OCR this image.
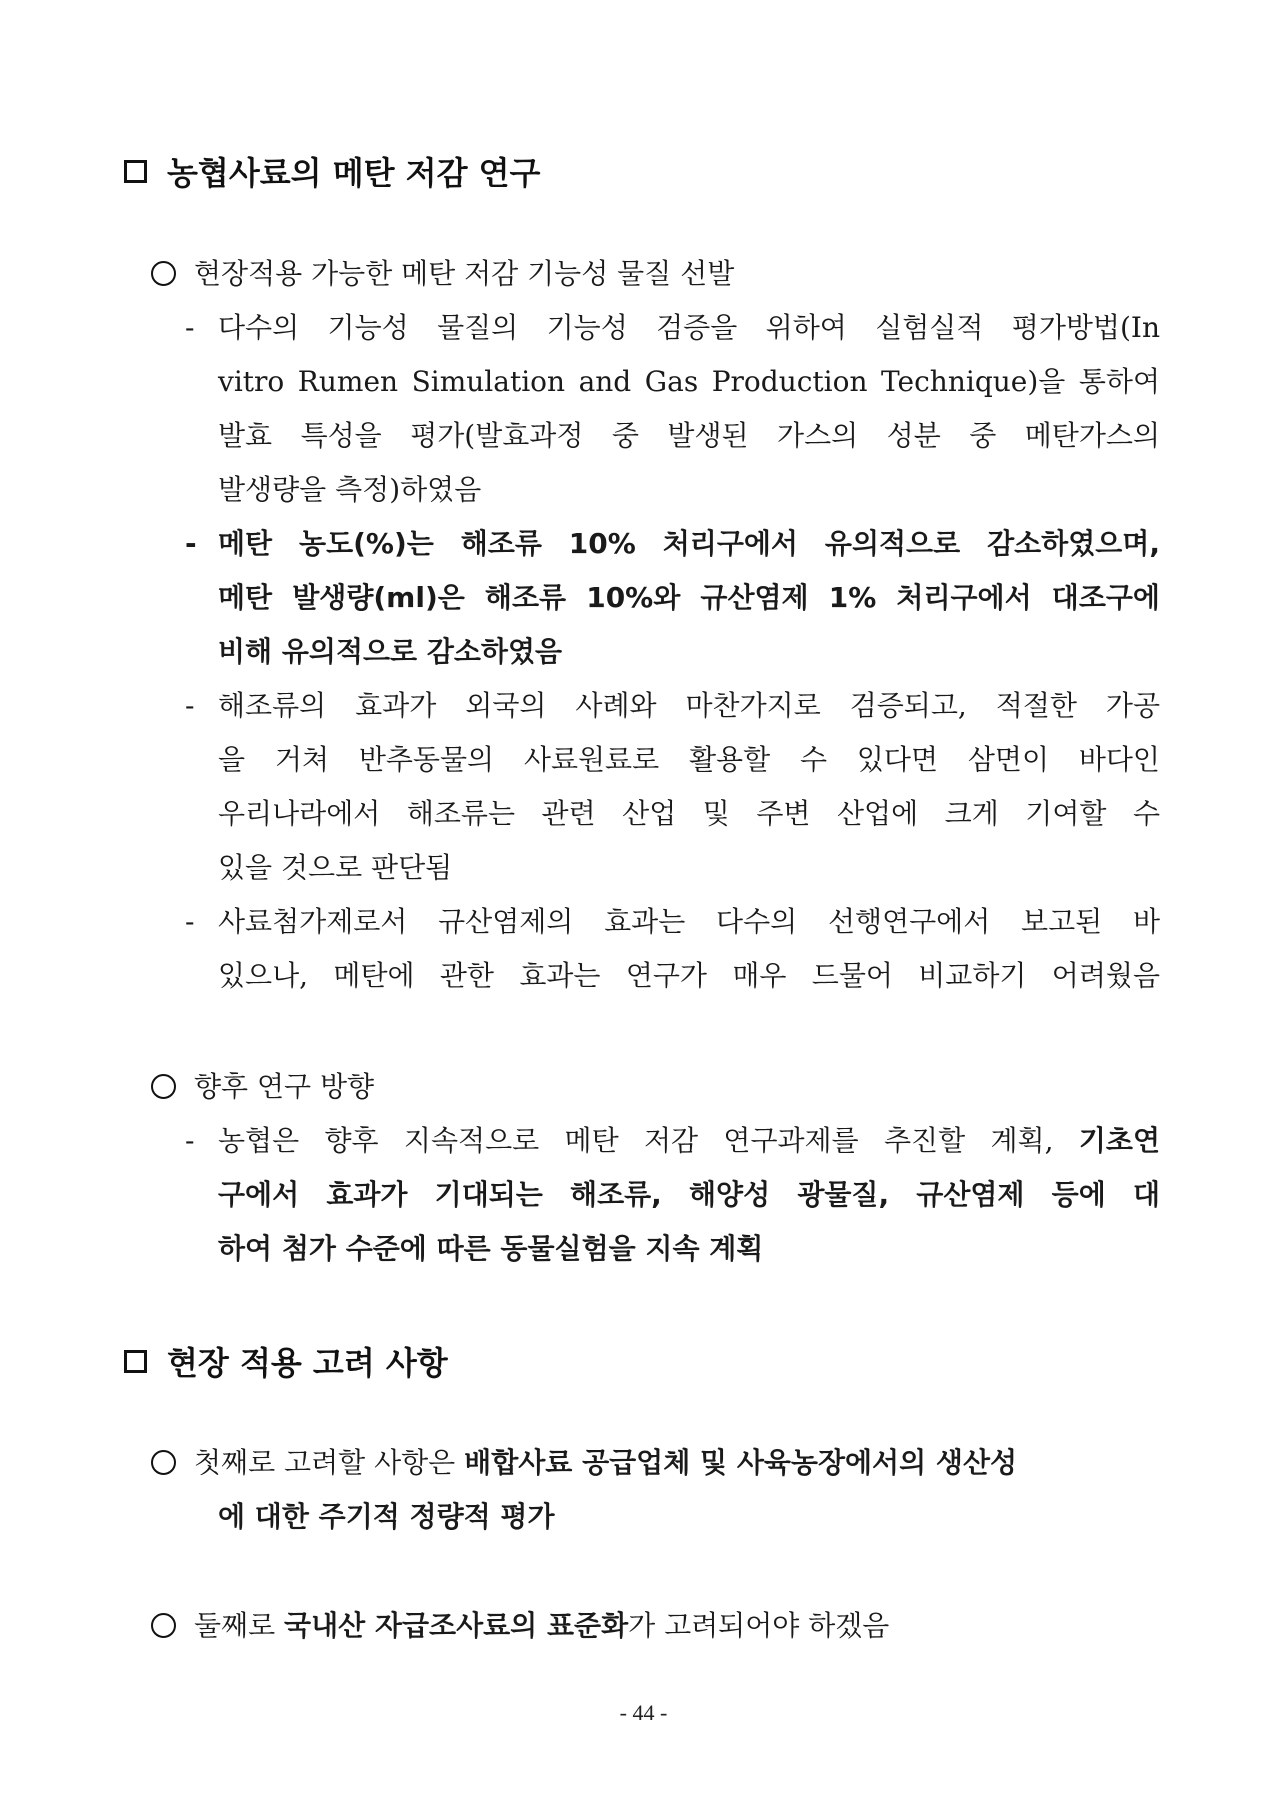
농협사료의 메탄 저감 연구
현장적용 가능한 메탄 저감 기능성 물질 선발
- 다수의 기능성 물질의 기능성 검증을 위하여 실험실적 평가방법(In
vitro Rumen Simulation and Gas Production Technique)을 통하여
발효 특성을 평가(발효과정 중 발생된 가스의 성분 중 메탄가스의
발생량을 측정)하였음
- 메탄 농도(%)는 해조류 10% 처리구에서 유의적으로 감소하였으며,
메탄 발생량(ml)은 해조류 10%와 규산염제 1% 처리구에서 대조구에
비해 유의적으로 감소하였음
- 해조류의 효과가 외국의 사례와 마찬가지로 검증되고, 적절한 가공
을 거쳐 반추동물의 사료원료로 활용할 수 있다면 삼면이 바다인
우리나라에서 해조류는 관련 산업 및 주변 산업에 크게 기여할 수
있을 것으로 판단됨
- 사료첨가제로서 규산염제의 효과는 다수의 선행연구에서 보고된 바
있으나, 메탄에 관한 효과는 연구가 매우 드물어 비교하기 어려웠음
향후 연구 방향
- 농협은 향후 지속적으로 메탄 저감 연구과제를 추진할 계획, 기초연
구에서 효과가 기대되는 해조류, 해양성 광물질, 규산염제 등에 대
하여 첨가 수준에 따른 동물실험을 지속 계획
현장 적용 고려 사항
첫째로 고려할 사항은 배합사료 공급업체 및 사육농장에서의 생산성
에 대한 주기적 정량적 평가
둘째로 국내산 자급조사료의 표준화가 고려되어야 하겠음
- 44 -
